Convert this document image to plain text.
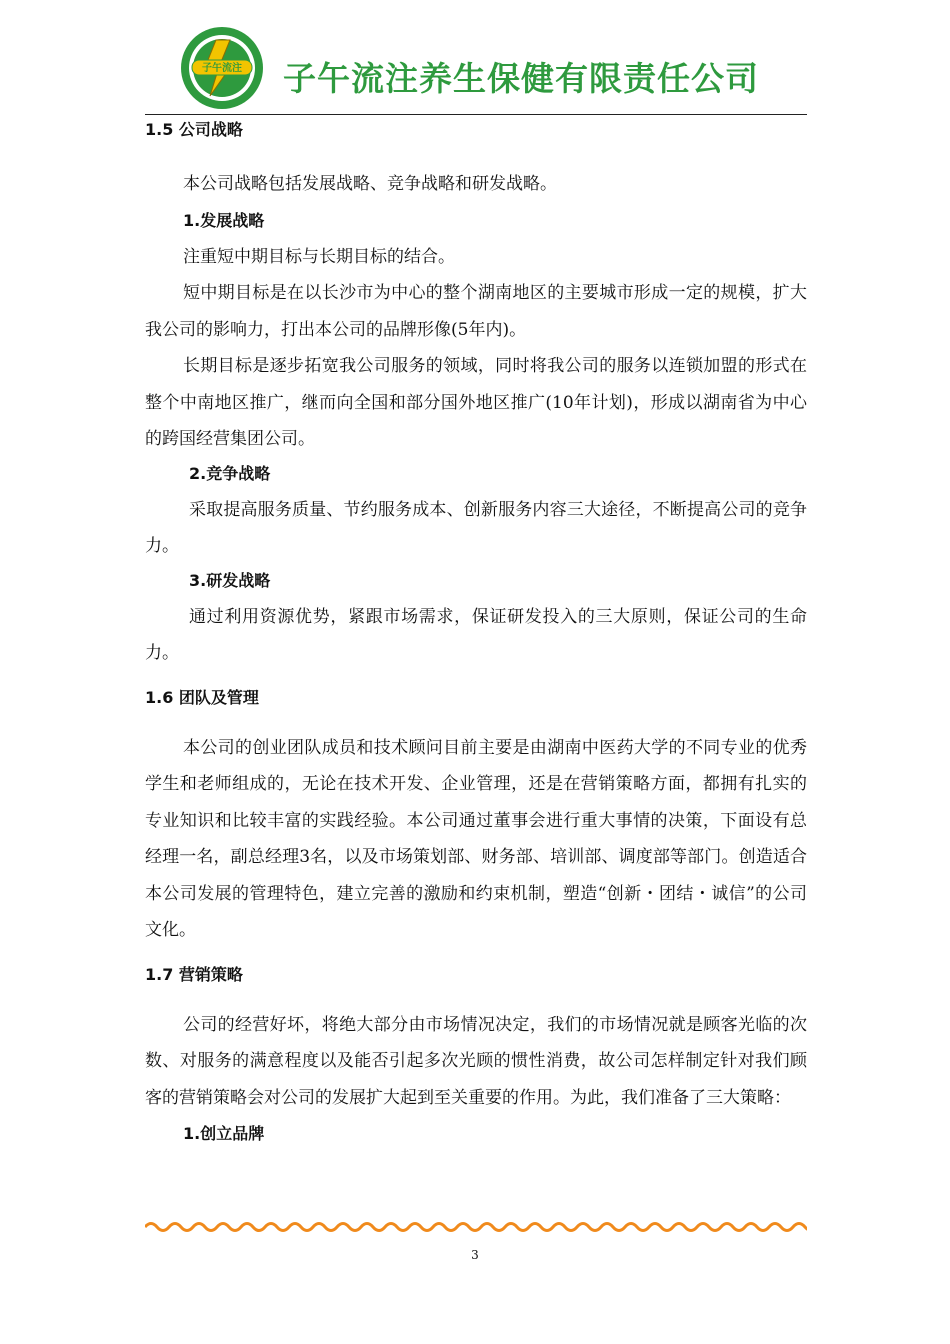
子午流注 子午流注养生保健有限责任公司

1.5 公司战略

本公司战略包括发展战略、竞争战略和研发战略。

1.发展战略

注重短中期目标与长期目标的结合。

短中期目标是在以长沙市为中心的整个湖南地区的主要城市形成一定的规模，扩大我公司的影响力，打出本公司的品牌形像(5年内)。

长期目标是逐步拓宽我公司服务的领域，同时将我公司的服务以连锁加盟的形式在整个中南地区推广，继而向全国和部分国外地区推广(10年计划)，形成以湖南省为中心的跨国经营集团公司。

2.竞争战略

采取提高服务质量、节约服务成本、创新服务内容三大途径，不断提高公司的竞争力。

3.研发战略

通过利用资源优势，紧跟市场需求，保证研发投入的三大原则，保证公司的生命力。

1.6 团队及管理

本公司的创业团队成员和技术顾问目前主要是由湖南中医药大学的不同专业的优秀学生和老师组成的，无论在技术开发、企业管理，还是在营销策略方面，都拥有扎实的专业知识和比较丰富的实践经验。本公司通过董事会进行重大事情的决策，下面设有总经理一名，副总经理3名，以及市场策划部、财务部、培训部、调度部等部门。创造适合本公司发展的管理特色，建立完善的激励和约束机制，塑造“创新・团结・诚信”的公司文化。

1.7 营销策略

公司的经营好坏，将绝大部分由市场情况决定，我们的市场情况就是顾客光临的次数、对服务的满意程度以及能否引起多次光顾的惯性消费，故公司怎样制定针对我们顾客的营销策略会对公司的发展扩大起到至关重要的作用。为此，我们准备了三大策略：

1.创立品牌

3
